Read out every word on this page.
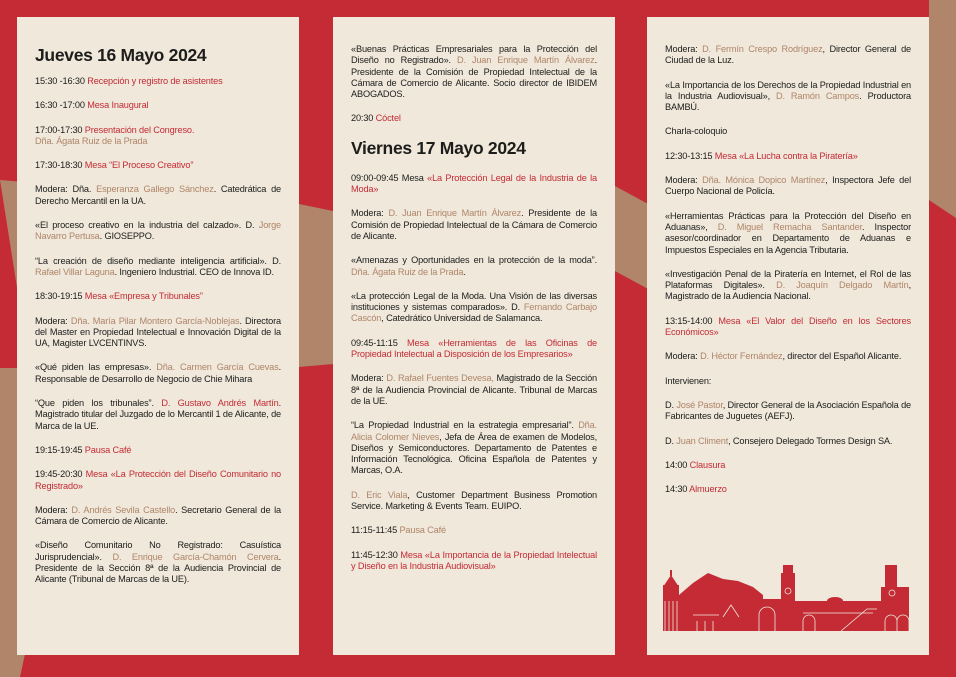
Jueves 16 Mayo 2024

15:30 -16:30 Recepción y registro de asistentes

16:30 -17:00 Mesa Inaugural

17:00-17:30 Presentación del Congreso.
Dña. Ágata Ruiz de la Prada

17:30-18:30 Mesa “El Proceso Creativo”

Modera: Dña. Esperanza Gallego Sánchez. Catedrática de Derecho Mercantil en la UA.

«El proceso creativo en la industria del calzado». D. Jorge Navarro Pertusa. GIOSEPPO.

“La creación de diseño mediante inteligencia artificial». D. Rafael Villar Laguna. Ingeniero Industrial. CEO de Innova ID.

18:30-19:15 Mesa «Empresa y Tribunales”

Modera: Dña. María Pilar Montero García-Noblejas. Directora del Master en Propiedad Intelectual e Innovación Digital de la UA, Magister LVCENTINVS.

«Qué piden las empresas». Dña. Carmen García Cuevas. Responsable de Desarrollo de Negocio de Chie Mihara

“Que piden los tribunales”. D. Gustavo Andrés Martín. Magistrado titular del Juzgado de lo Mercantil 1 de Alicante, de Marca de la UE.

19:15-19:45 Pausa Café

19:45-20:30 Mesa «La Protección del Diseño Comunitario no Registrado»

Modera: D. Andrés Sevila Castello. Secretario General de la Cámara de Comercio de Alicante.

«Diseño Comunitario No Registrado: Casuística Jurisprudencial». D. Enrique García-Chamón Cervera. Presidente de la Sección 8ª de la Audiencia Provincial de Alicante (Tribunal de Marcas de la UE).

«Buenas Prácticas Empresariales para la Protección del Diseño no Registrado». D. Juan Enrique Martín Álvarez. Presidente de la Comisión de Propiedad Intelectual de la Cámara de Comercio de Alicante. Socio director de IBIDEM ABOGADOS.

20:30 Cóctel

Viernes 17 Mayo 2024

09:00-09:45 Mesa «La Protección Legal de la Industria de la Moda»

Modera: D. Juan Enrique Martín Álvarez. Presidente de la Comisión de Propiedad Intelectual de la Cámara de Comercio de Alicante.

«Amenazas y Oportunidades en la protección de la moda”. Dña. Ágata Ruiz de la Prada.

«La protección Legal de la Moda. Una Visión de las diversas instituciones y sistemas comparados». D. Fernando Carbajo Cascón, Catedrático Universidad de Salamanca.

09:45-11:15 Mesa «Herramientas de las Oficinas de Propiedad Intelectual a Disposición de los Empresarios»

Modera: D. Rafael Fuentes Devesa, Magistrado de la Sección 8ª de la Audiencia Provincial de Alicante. Tribunal de Marcas de la UE.

“La Propiedad Industrial en la estrategia empresarial”. Dña. Alicia Colomer Nieves, Jefa de Área de examen de Modelos, Diseños y Semiconductores. Departamento de Patentes e Información Tecnológica. Oficina Española de Patentes y Marcas, O.A.

D. Eric Viala, Customer Department Business Promotion Service. Marketing & Events Team. EUIPO.

11:15-11:45 Pausa Café

11:45-12:30 Mesa «La Importancia de la Propiedad Intelectual y Diseño en la Industria Audiovisual»

Modera: D. Fermín Crespo Rodríguez, Director General de Ciudad de la Luz.

«La Importancia de los Derechos de la Propiedad Industrial en la Industria Audiovisual», D. Ramón Campos. Productora BAMBÚ.

Charla-coloquio

12:30-13:15 Mesa «La Lucha contra la Piratería»

Modera: Dña. Mónica Dopico Martínez, Inspectora Jefe del Cuerpo Nacional de Policía.

«Herramientas Prácticas para la Protección del Diseño en Aduanas», D. Miguel Remacha Santander. Inspector asesor/coordinador en Departamento de Aduanas e Impuestos Especiales en la Agencia Tributaria.

«Investigación Penal de la Piratería en Internet, el Rol de las Plataformas Digitales». D. Joaquín Delgado Martín, Magistrado de la Audiencia Nacional.

13:15-14:00 Mesa «El Valor del Diseño en los Sectores Económicos»

Modera: D. Héctor Fernández, director del Español Alicante.

Intervienen:

D. José Pastor, Director General de la Asociación Española de Fabricantes de Juguetes (AEFJ).

D. Juan Climent, Consejero Delegado Tormes Design SA.

14:00 Clausura

14:30 Almuerzo
